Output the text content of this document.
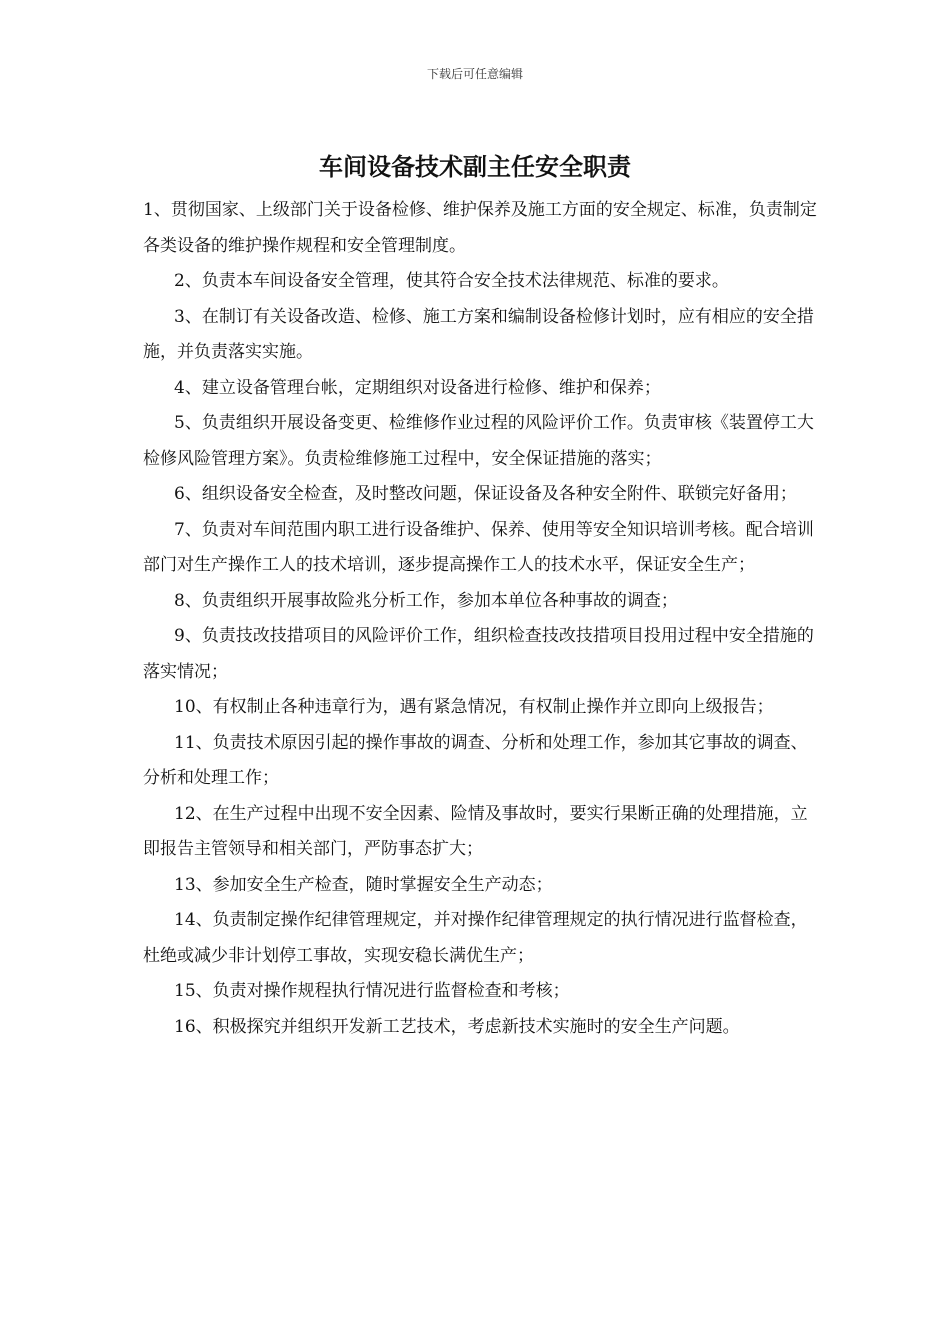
下载后可任意编辑
车间设备技术副主任安全职责

1、贯彻国家、上级部门关于设备检修、维护保养及施工方面的安全规定、标准，负责制定各类设备的维护操作规程和安全管理制度。

2、负责本车间设备安全管理，使其符合安全技术法律规范、标准的要求。

3、在制订有关设备改造、检修、施工方案和编制设备检修计划时，应有相应的安全措施，并负责落实实施。

4、建立设备管理台帐，定期组织对设备进行检修、维护和保养；

5、负责组织开展设备变更、检维修作业过程的风险评价工作。负责审核《装置停工大检修风险管理方案》。负责检维修施工过程中，安全保证措施的落实；

6、组织设备安全检查，及时整改问题，保证设备及各种安全附件、联锁完好备用；

7、负责对车间范围内职工进行设备维护、保养、使用等安全知识培训考核。配合培训部门对生产操作工人的技术培训，逐步提高操作工人的技术水平，保证安全生产；

8、负责组织开展事故险兆分析工作，参加本单位各种事故的调查；

9、负责技改技措项目的风险评价工作，组织检查技改技措项目投用过程中安全措施的落实情况；

10、有权制止各种违章行为，遇有紧急情况，有权制止操作并立即向上级报告；

11、负责技术原因引起的操作事故的调查、分析和处理工作，参加其它事故的调查、分析和处理工作；

12、在生产过程中出现不安全因素、险情及事故时，要实行果断正确的处理措施，立即报告主管领导和相关部门，严防事态扩大；

13、参加安全生产检查，随时掌握安全生产动态；

14、负责制定操作纪律管理规定，并对操作纪律管理规定的执行情况进行监督检查，杜绝或减少非计划停工事故，实现安稳长满优生产；

15、负责对操作规程执行情况进行监督检查和考核；

16、积极探究并组织开发新工艺技术，考虑新技术实施时的安全生产问题。
